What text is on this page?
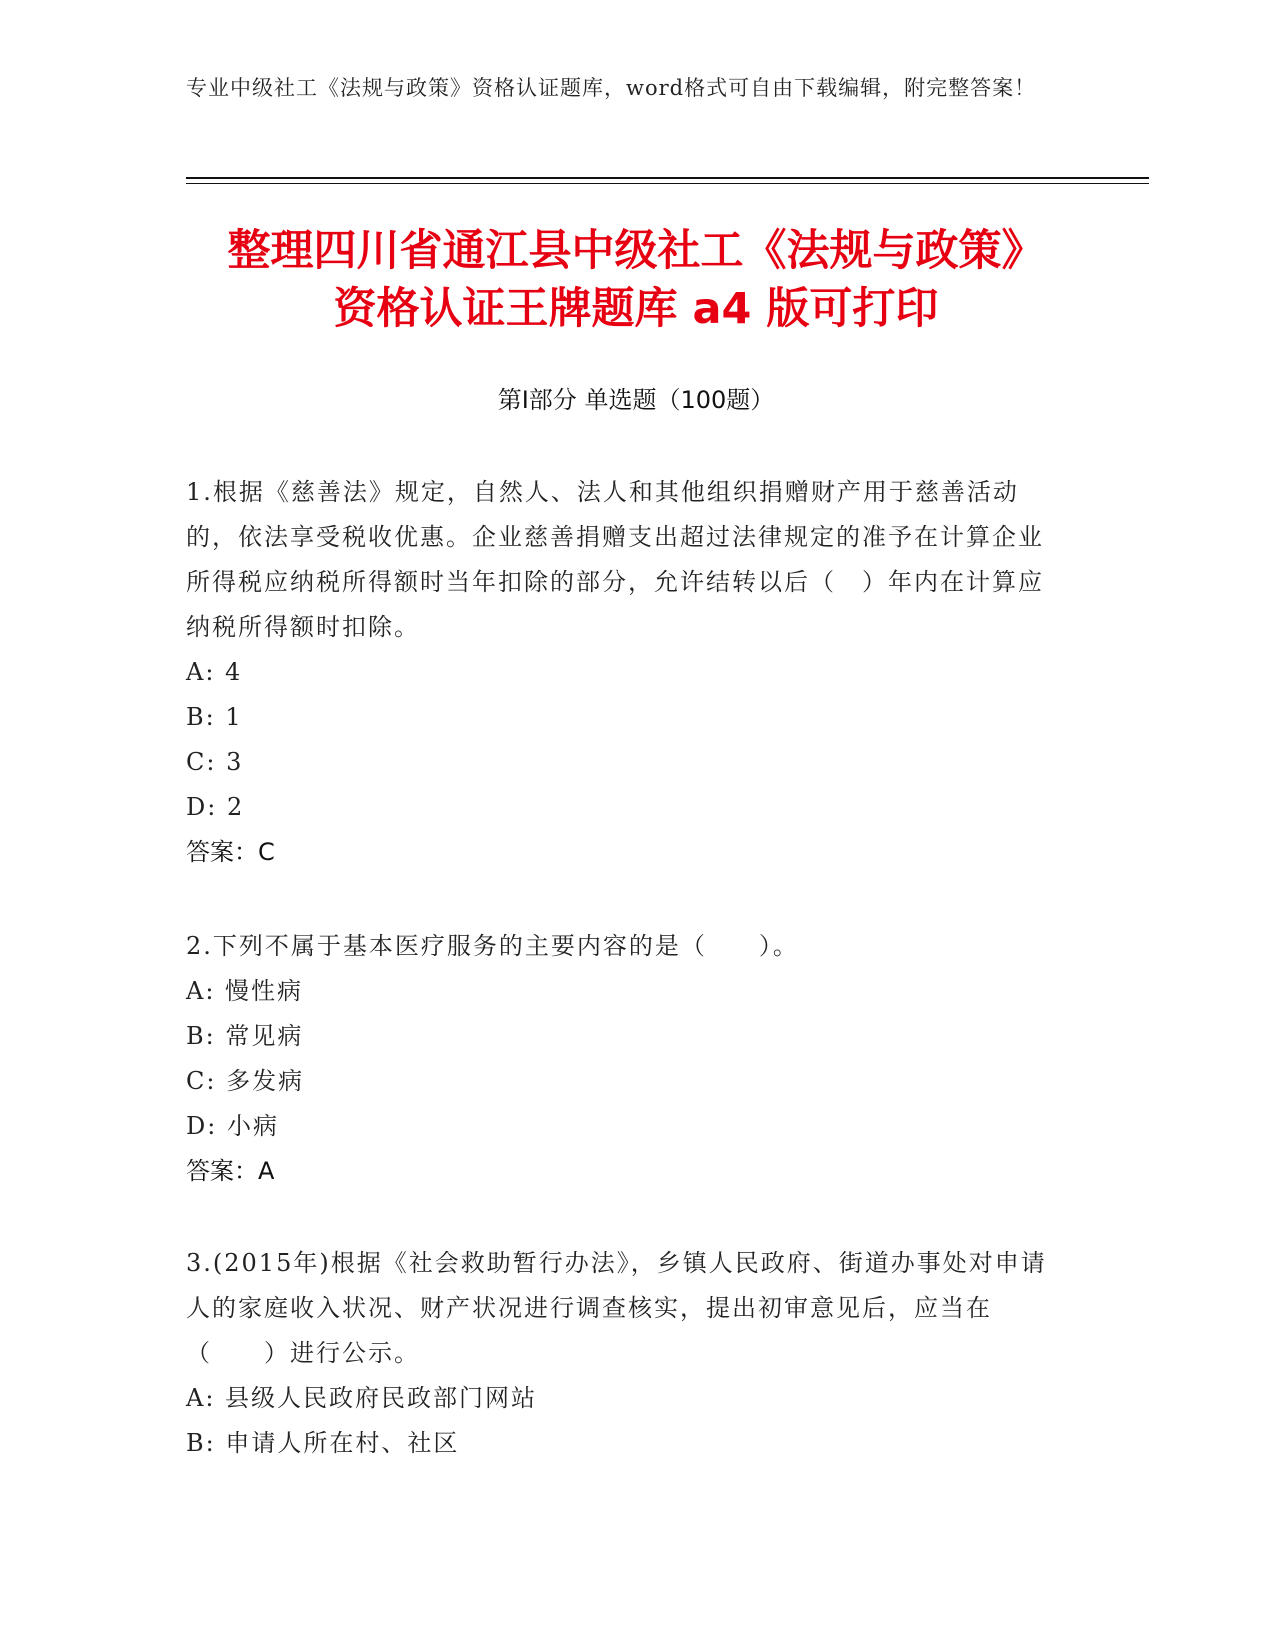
专业中级社工《法规与政策》资格认证题库，word格式可自由下载编辑，附完整答案！
整理四川省通江县中级社工《法规与政策》
资格认证王牌题库 a4 版可打印
第Ⅰ部分 单选题（100题）

1.根据《慈善法》规定，自然人、法人和其他组织捐赠财产用于慈善活动的，依法享受税收优惠。企业慈善捐赠支出超过法律规定的准予在计算企业所得税应纳税所得额时当年扣除的部分，允许结转以后（　）年内在计算应纳税所得额时扣除。

A: 4

B: 1

C: 3

D: 2

答案：C

2.下列不属于基本医疗服务的主要内容的是（　　）。

A: 慢性病

B: 常见病

C: 多发病

D: 小病

答案：A

3.(2015年)根据《社会救助暂行办法》，乡镇人民政府、街道办事处对申请人的家庭收入状况、财产状况进行调查核实，提出初审意见后，应当在（　　）进行公示。

A: 县级人民政府民政部门网站

B: 申请人所在村、社区
